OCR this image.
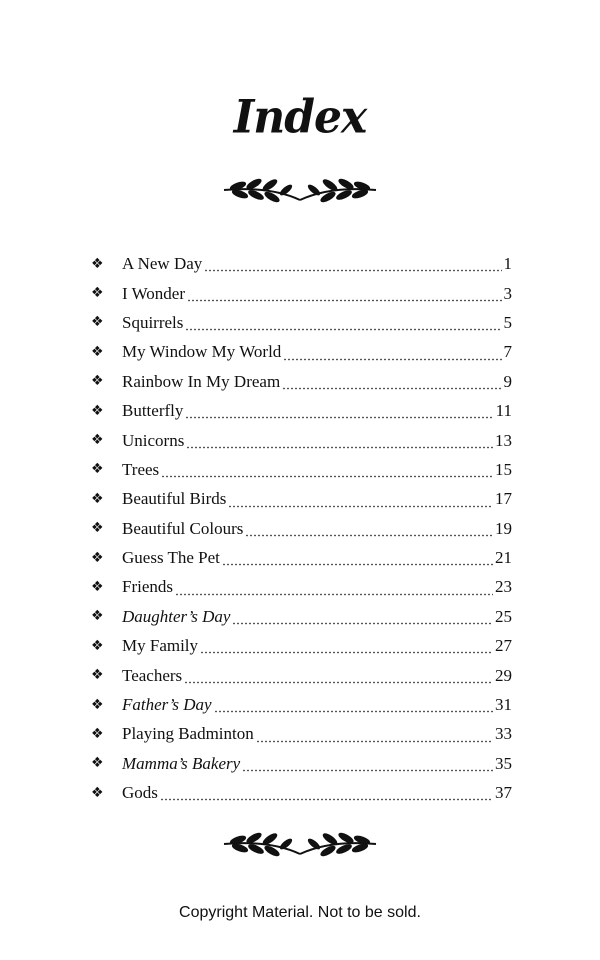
Index
❖	A New Day	1
❖	I Wonder	3
❖	Squirrels	5
❖	My Window My World	7
❖	Rainbow In My Dream	9
❖	Butterfly	11
❖	Unicorns	13
❖	Trees	15
❖	Beautiful Birds	17
❖	Beautiful Colours	19
❖	Guess The Pet	21
❖	Friends	23
❖	Daughter’s Day	25
❖	My Family	27
❖	Teachers	29
❖	Father’s Day	31
❖	Playing Badminton	33
❖	Mamma’s Bakery	35
❖	Gods	37
Copyright Material. Not to be sold.
